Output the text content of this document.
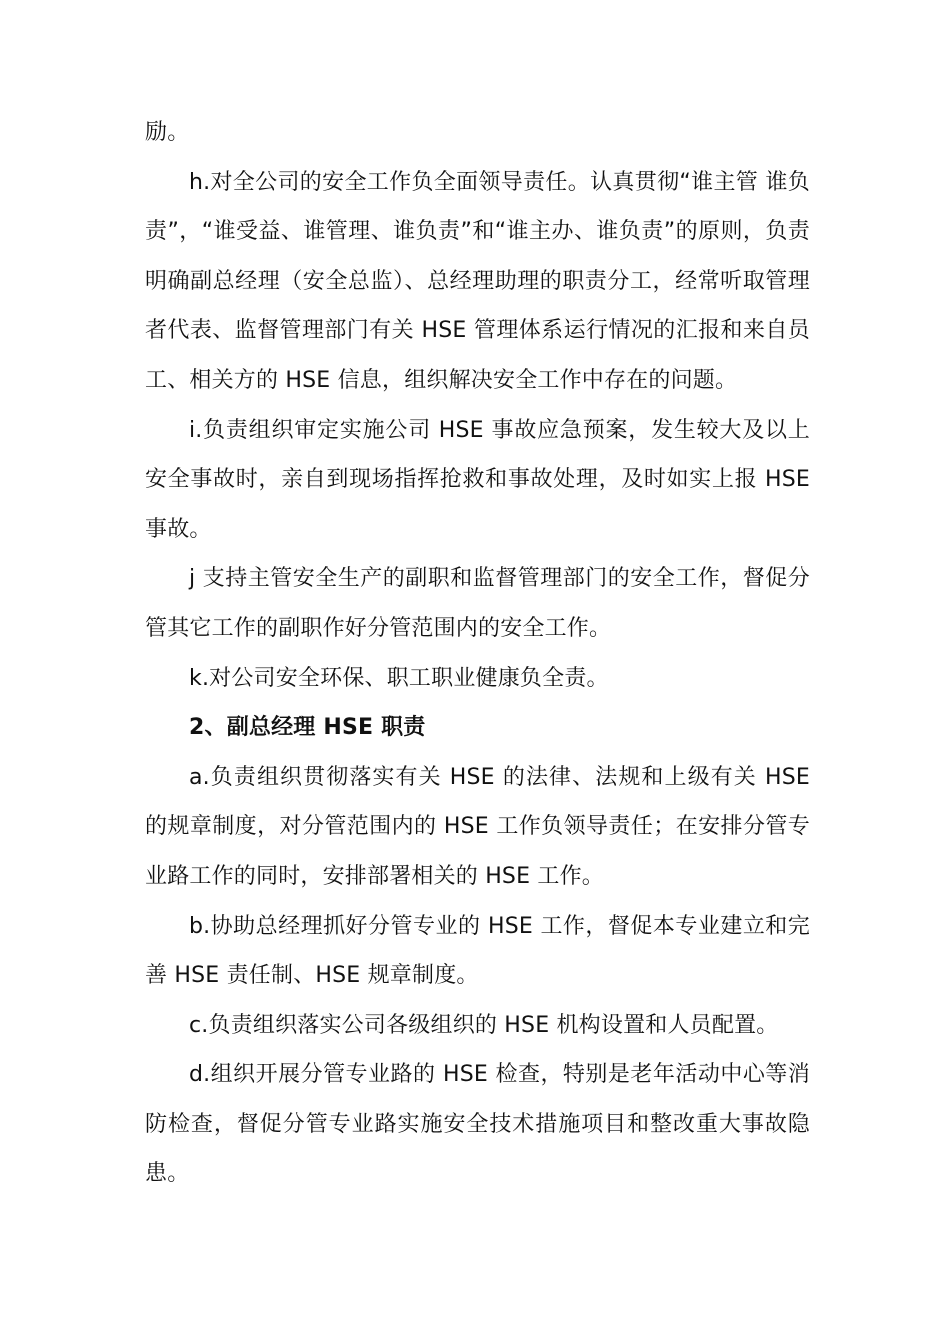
励。

h.对全公司的安全工作负全面领导责任。认真贯彻“谁主管 谁负责”，“谁受益、谁管理、谁负责”和“谁主办、谁负责”的原则，负责明确副总经理（安全总监）、总经理助理的职责分工，经常听取管理者代表、监督管理部门有关 HSE 管理体系运行情况的汇报和来自员工、相关方的 HSE 信息，组织解决安全工作中存在的问题。

i.负责组织审定实施公司 HSE 事故应急预案，发生较大及以上安全事故时，亲自到现场指挥抢救和事故处理，及时如实上报 HSE 事故。

j 支持主管安全生产的副职和监督管理部门的安全工作，督促分管其它工作的副职作好分管范围内的安全工作。

k.对公司安全环保、职工职业健康负全责。

2、副总经理 HSE 职责

a.负责组织贯彻落实有关 HSE 的法律、法规和上级有关 HSE 的规章制度，对分管范围内的 HSE 工作负领导责任；在安排分管专业路工作的同时，安排部署相关的 HSE 工作。

b.协助总经理抓好分管专业的 HSE 工作，督促本专业建立和完善 HSE 责任制、HSE 规章制度。

c.负责组织落实公司各级组织的 HSE 机构设置和人员配置。

d.组织开展分管专业路的 HSE 检查，特别是老年活动中心等消防检查，督促分管专业路实施安全技术措施项目和整改重大事故隐患。
